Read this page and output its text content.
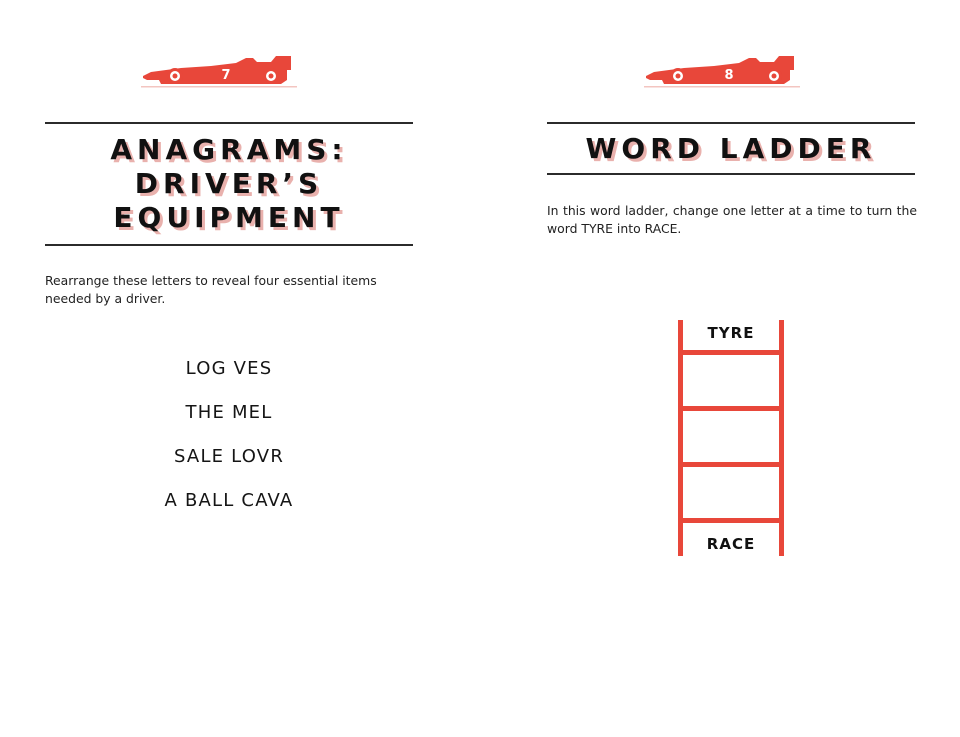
7
ANAGRAMS:
DRIVER’S
EQUIPMENT
Rearrange these letters to reveal four essential items needed by a driver.
LOG VES
THE MEL
SALE LOVR
A BALL CAVA
8
WORD LADDER
In this word ladder, change one letter at a time to turn the word TYRE into RACE.
TYRE
RACE
